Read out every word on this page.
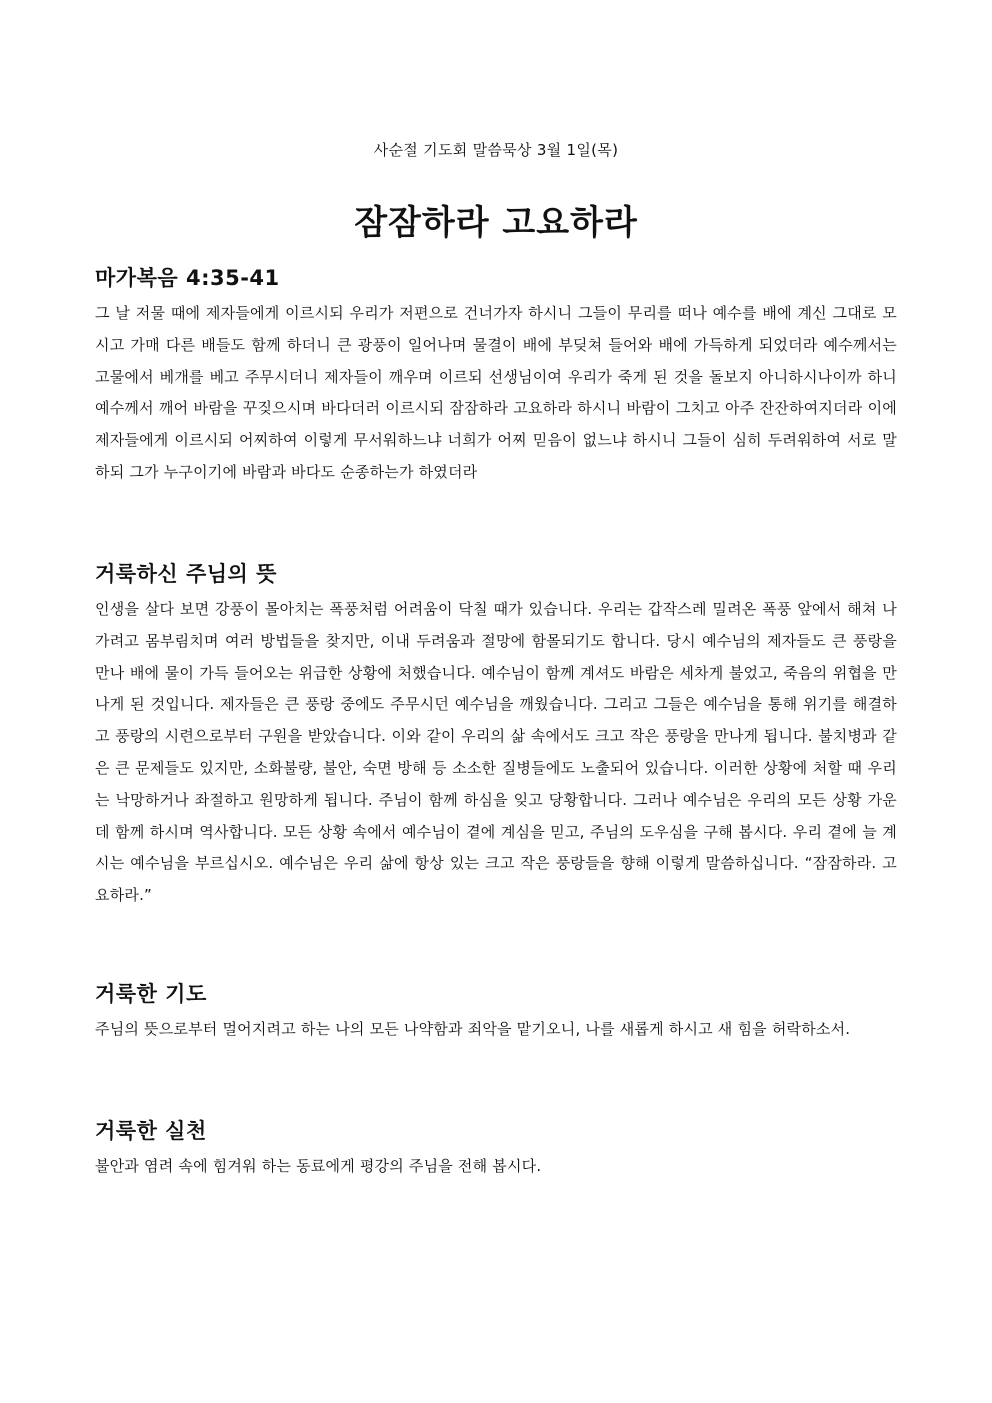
사순절 기도회 말씀묵상 3월 1일(목)
잠잠하라 고요하라
마가복음 4:35-41

그 날 저물 때에 제자들에게 이르시되 우리가 저편으로 건너가자 하시니 그들이 무리를 떠나 예수를 배에 계신 그대로 모시고 가매 다른 배들도 함께 하더니 큰 광풍이 일어나며 물결이 배에 부딪쳐 들어와 배에 가득하게 되었더라 예수께서는 고물에서 베개를 베고 주무시더니 제자들이 깨우며 이르되 선생님이여 우리가 죽게 된 것을 돌보지 아니하시나이까 하니 예수께서 깨어 바람을 꾸짖으시며 바다더러 이르시되 잠잠하라 고요하라 하시니 바람이 그치고 아주 잔잔하여지더라 이에 제자들에게 이르시되 어찌하여 이렇게 무서워하느냐 너희가 어찌 믿음이 없느냐 하시니 그들이 심히 두려워하여 서로 말하되 그가 누구이기에 바람과 바다도 순종하는가 하였더라

거룩하신 주님의 뜻

인생을 살다 보면 강풍이 몰아치는 폭풍처럼 어려움이 닥칠 때가 있습니다. 우리는 갑작스레 밀려온 폭풍 앞에서 해쳐 나가려고 몸부림치며 여러 방법들을 찾지만, 이내 두려움과 절망에 함몰되기도 합니다. 당시 예수님의 제자들도 큰 풍랑을 만나 배에 물이 가득 들어오는 위급한 상황에 처했습니다. 예수님이 함께 계셔도 바람은 세차게 불었고, 죽음의 위협을 만나게 된 것입니다. 제자들은 큰 풍랑 중에도 주무시던 예수님을 깨웠습니다. 그리고 그들은 예수님을 통해 위기를 해결하고 풍랑의 시련으로부터 구원을 받았습니다. 이와 같이 우리의 삶 속에서도 크고 작은 풍랑을 만나게 됩니다. 불치병과 같은 큰 문제들도 있지만, 소화불량, 불안, 숙면 방해 등 소소한 질병들에도 노출되어 있습니다. 이러한 상황에 처할 때 우리는 낙망하거나 좌절하고 원망하게 됩니다. 주님이 함께 하심을 잊고 당황합니다. 그러나 예수님은 우리의 모든 상황 가운데 함께 하시며 역사합니다. 모든 상황 속에서 예수님이 곁에 계심을 믿고, 주님의 도우심을 구해 봅시다. 우리 곁에 늘 계시는 예수님을 부르십시오. 예수님은 우리 삶에 항상 있는 크고 작은 풍랑들을 향해 이렇게 말씀하십니다. “잠잠하라. 고요하라.”

거룩한 기도

주님의 뜻으로부터 멀어지려고 하는 나의 모든 나약함과 죄악을 맡기오니, 나를 새롭게 하시고 새 힘을 허락하소서.

거룩한 실천

불안과 염려 속에 힘겨워 하는 동료에게 평강의 주님을 전해 봅시다.
